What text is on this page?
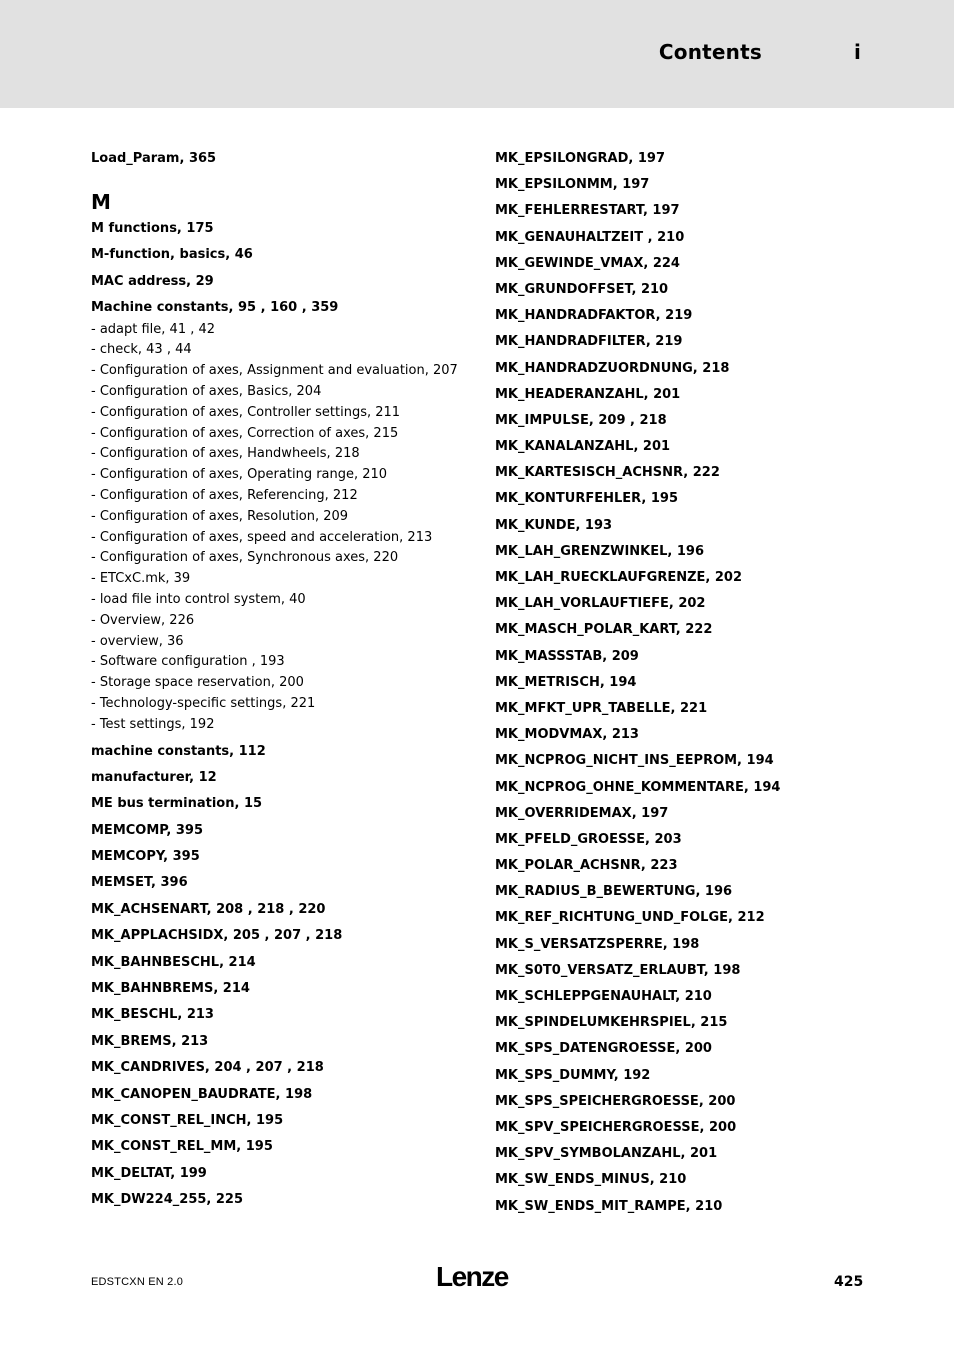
Contents	i
Load_Param, 365
M
M functions, 175
M-function, basics, 46
MAC address, 29
Machine constants, 95 , 160 , 359
- adapt file, 41 , 42
- check, 43 , 44
- Configuration of axes, Assignment and evaluation, 207
- Configuration of axes, Basics, 204
- Configuration of axes, Controller settings, 211
- Configuration of axes, Correction of axes, 215
- Configuration of axes, Handwheels, 218
- Configuration of axes, Operating range, 210
- Configuration of axes, Referencing, 212
- Configuration of axes, Resolution, 209
- Configuration of axes, speed and acceleration, 213
- Configuration of axes, Synchronous axes, 220
- ETCxC.mk, 39
- load file into control system, 40
- Overview, 226
- overview, 36
- Software configuration , 193
- Storage space reservation, 200
- Technology-specific settings, 221
- Test settings, 192
machine constants, 112
manufacturer, 12
ME bus termination, 15
MEMCOMP, 395
MEMCOPY, 395
MEMSET, 396
MK_ACHSENART, 208 , 218 , 220
MK_APPLACHSIDX, 205 , 207 , 218
MK_BAHNBESCHL, 214
MK_BAHNBREMS, 214
MK_BESCHL, 213
MK_BREMS, 213
MK_CANDRIVES, 204 , 207 , 218
MK_CANOPEN_BAUDRATE, 198
MK_CONST_REL_INCH, 195
MK_CONST_REL_MM, 195
MK_DELTAT, 199
MK_DW224_255, 225
MK_EPSILONGRAD, 197
MK_EPSILONMM, 197
MK_FEHLERRESTART, 197
MK_GENAUHALTZEIT , 210
MK_GEWINDE_VMAX, 224
MK_GRUNDOFFSET, 210
MK_HANDRADFAKTOR, 219
MK_HANDRADFILTER, 219
MK_HANDRADZUORDNUNG, 218
MK_HEADERANZAHL, 201
MK_IMPULSE, 209 , 218
MK_KANALANZAHL, 201
MK_KARTESISCH_ACHSNR, 222
MK_KONTURFEHLER, 195
MK_KUNDE, 193
MK_LAH_GRENZWINKEL, 196
MK_LAH_RUECKLAUFGRENZE, 202
MK_LAH_VORLAUFTIEFE, 202
MK_MASCH_POLAR_KART, 222
MK_MASSSTAB, 209
MK_METRISCH, 194
MK_MFKT_UPR_TABELLE, 221
MK_MODVMAX, 213
MK_NCPROG_NICHT_INS_EEPROM, 194
MK_NCPROG_OHNE_KOMMENTARE, 194
MK_OVERRIDEMAX, 197
MK_PFELD_GROESSE, 203
MK_POLAR_ACHSNR, 223
MK_RADIUS_B_BEWERTUNG, 196
MK_REF_RICHTUNG_UND_FOLGE, 212
MK_S_VERSATZSPERRE, 198
MK_S0T0_VERSATZ_ERLAUBT, 198
MK_SCHLEPPGENAUHALT, 210
MK_SPINDELUMKEHRSPIEL, 215
MK_SPS_DATENGROESSE, 200
MK_SPS_DUMMY, 192
MK_SPS_SPEICHERGROESSE, 200
MK_SPV_SPEICHERGROESSE, 200
MK_SPV_SYMBOLANZAHL, 201
MK_SW_ENDS_MINUS, 210
MK_SW_ENDS_MIT_RAMPE, 210
EDSTCXN EN 2.0	Lenze	425
